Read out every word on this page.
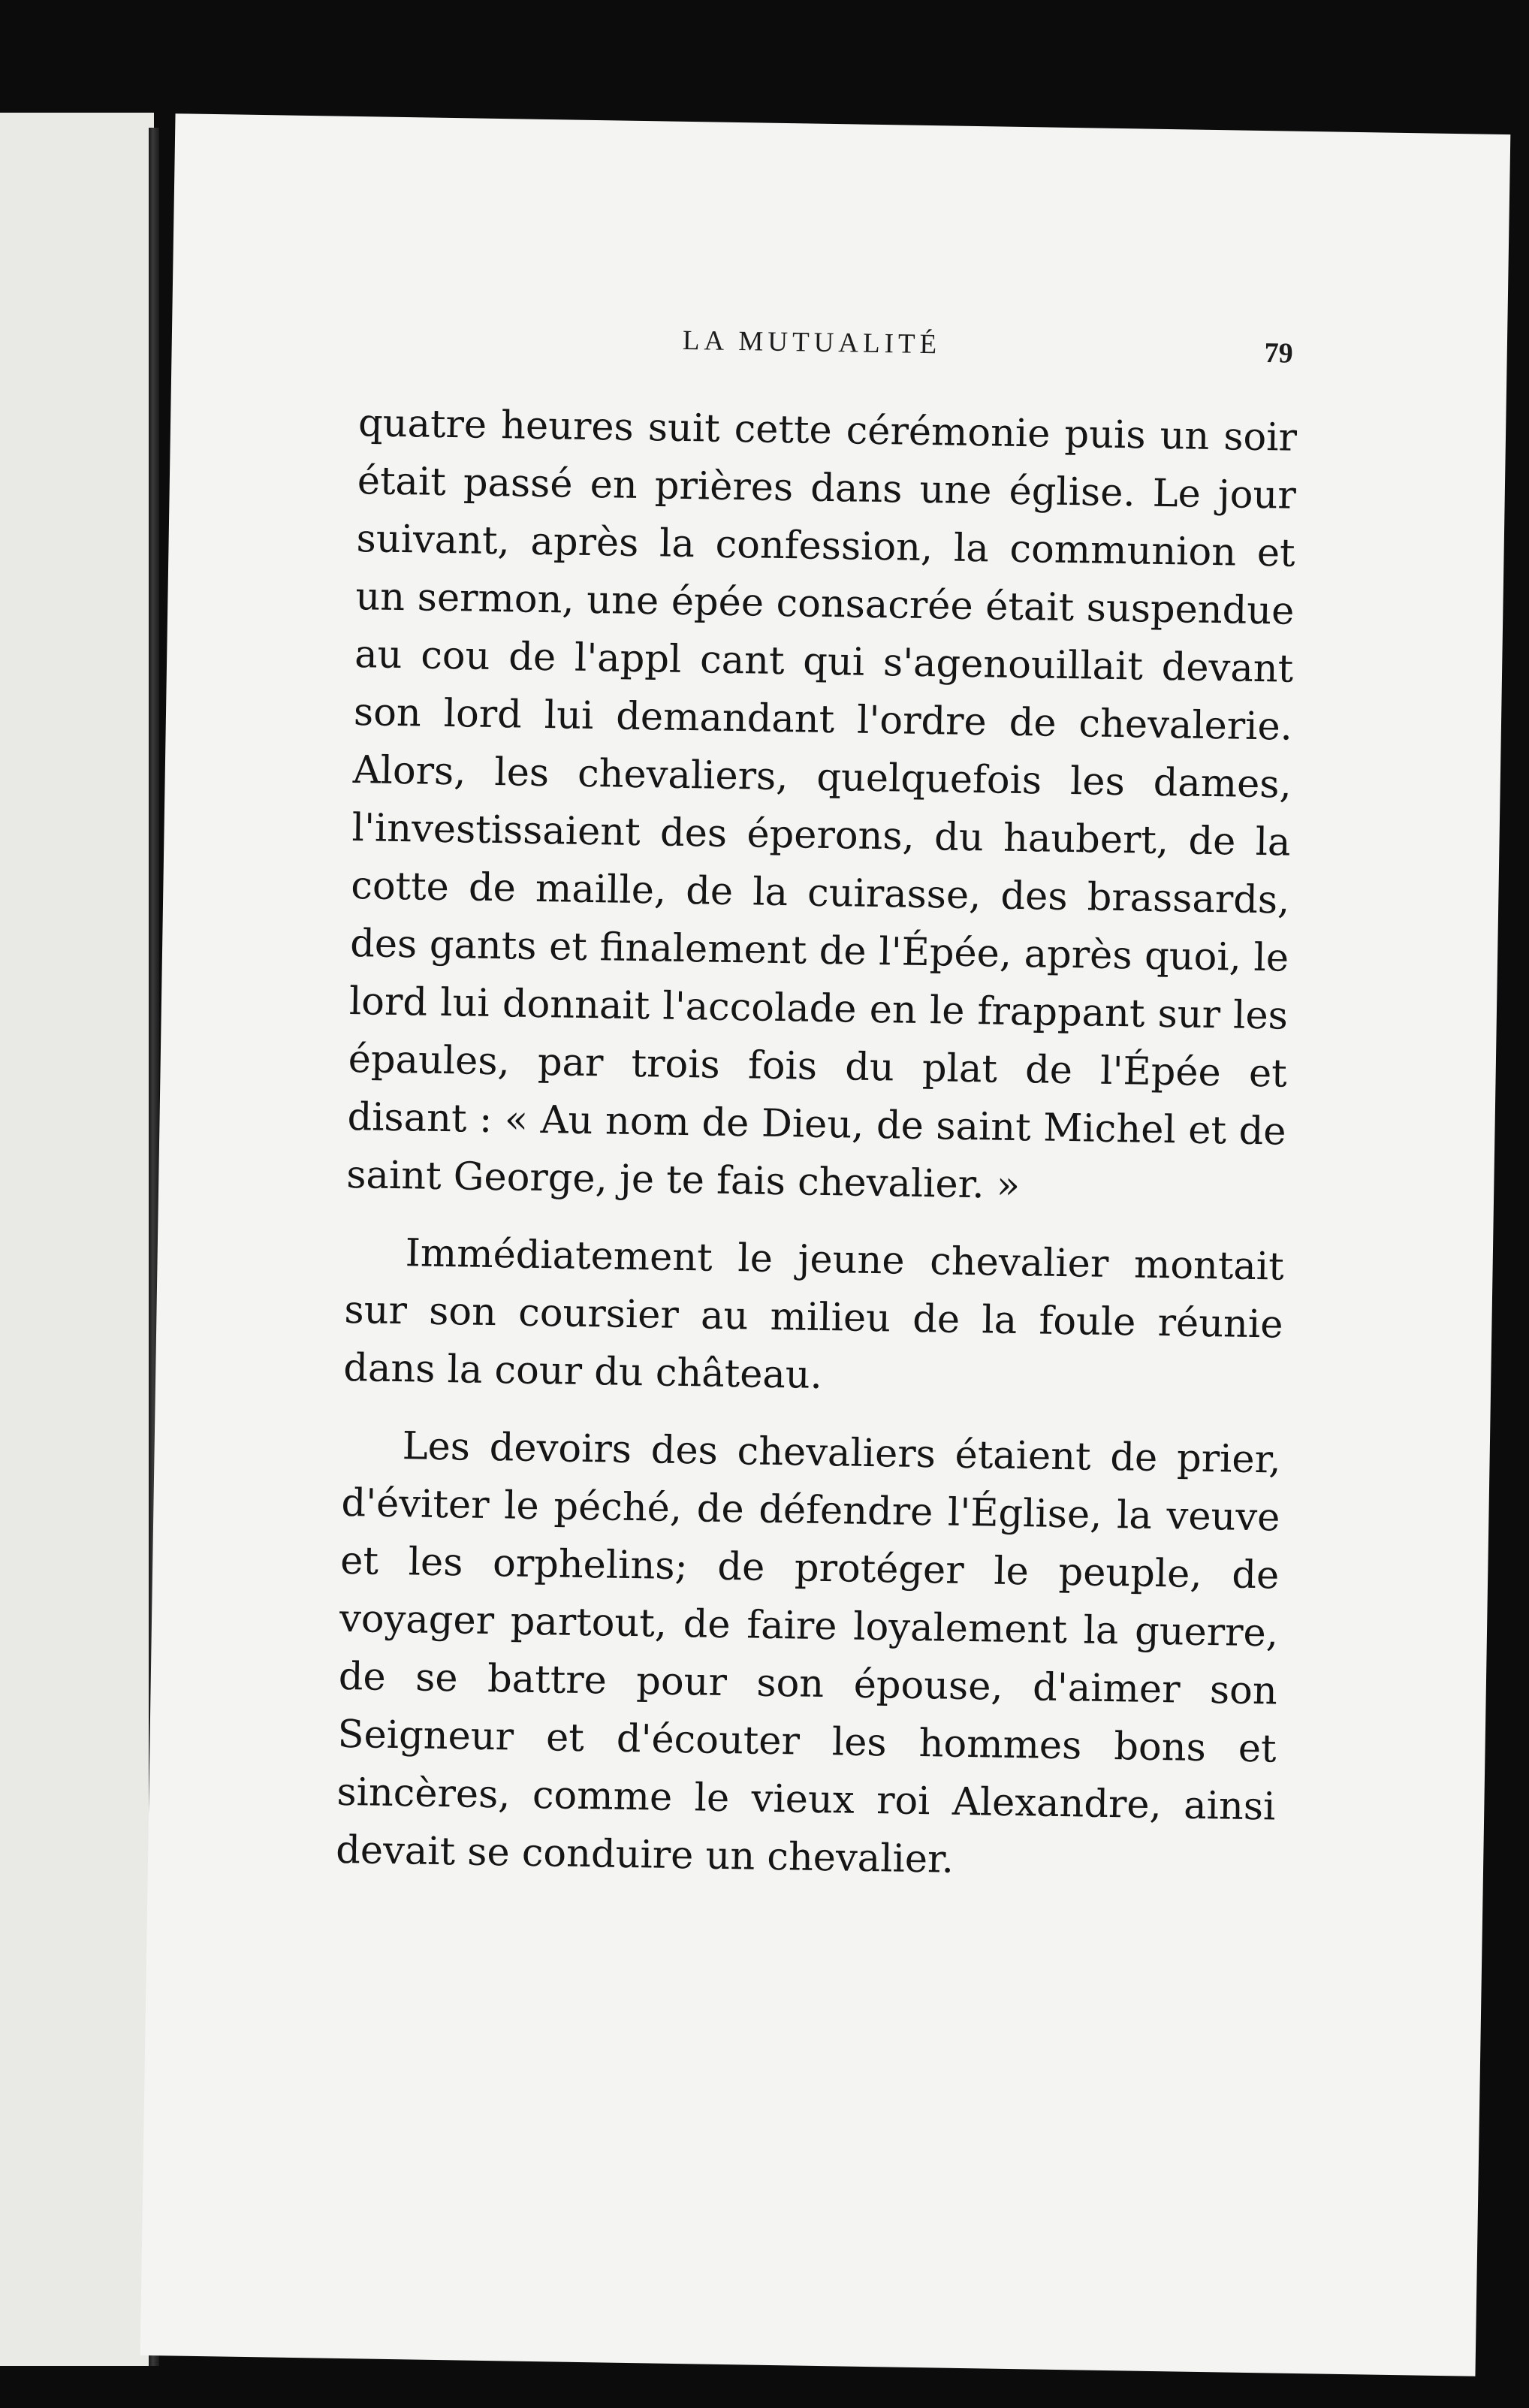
LA MUTUALITÉ	79

quatre heures suit cette cérémonie puis un soir était passé en prières dans une église. Le jour suivant, après la confession, la communion et un sermon, une épée consacrée était suspendue au cou de l'appl cant qui s'agenouillait devant son lord lui demandant l'ordre de chevalerie. Alors, les chevaliers, quelquefois les dames, l'investissaient des éperons, du haubert, de la cotte de maille, de la cuirasse, des brassards, des gants et finalement de l'Épée, après quoi, le lord lui donnait l'accolade en le frappant sur les épaules, par trois fois du plat de l'Épée et disant : « Au nom de Dieu, de saint Michel et de saint George, je te fais chevalier. »

Immédiatement le jeune chevalier montait sur son coursier au milieu de la foule réunie dans la cour du château.

Les devoirs des chevaliers étaient de prier, d'éviter le péché, de défendre l'Église, la veuve et les orphelins; de protéger le peuple, de voyager partout, de faire loyalement la guerre, de se battre pour son épouse, d'aimer son Seigneur et d'écouter les hommes bons et sincères, comme le vieux roi Alexandre, ainsi devait se conduire un chevalier.
